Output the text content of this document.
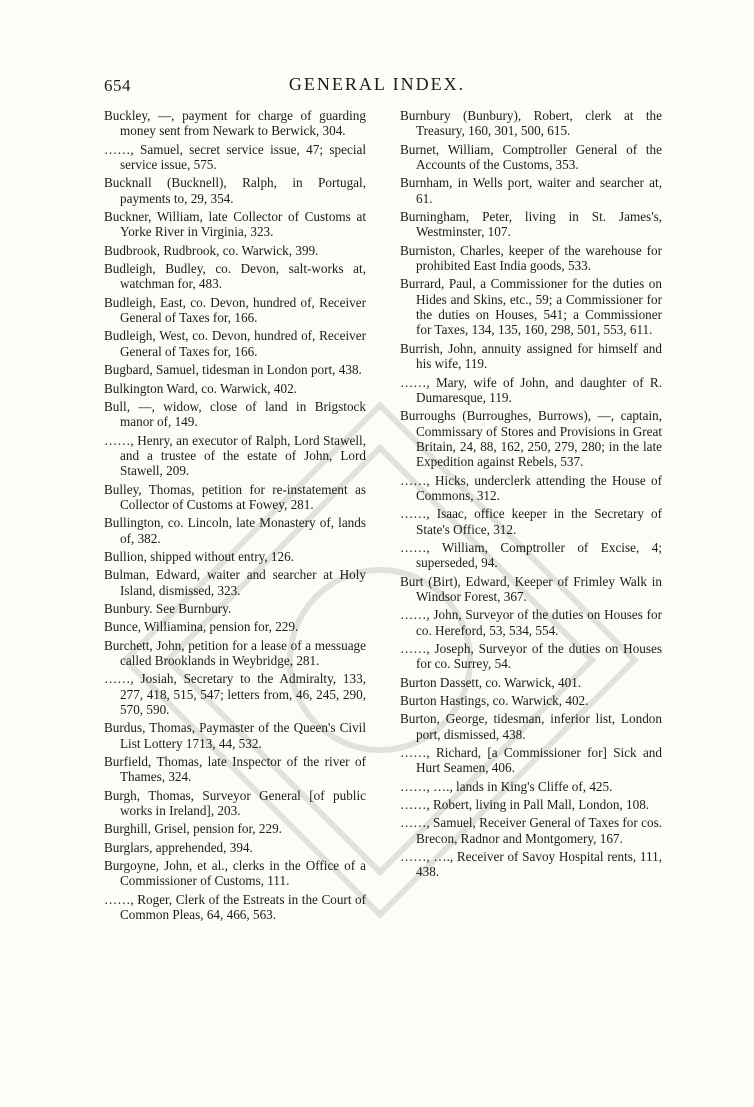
654	GENERAL INDEX.
Buckley, —, payment for charge of guarding money sent from Newark to Berwick, 304.
……, Samuel, secret service issue, 47; special service issue, 575.
Bucknall (Bucknell), Ralph, in Portugal, payments to, 29, 354.
Buckner, William, late Collector of Customs at Yorke River in Virginia, 323.
Budbrook, Rudbrook, co. Warwick, 399.
Budleigh, Budley, co. Devon, salt-works at, watchman for, 483.
Budleigh, East, co. Devon, hundred of, Receiver General of Taxes for, 166.
Budleigh, West, co. Devon, hundred of, Receiver General of Taxes for, 166.
Bugbard, Samuel, tidesman in London port, 438.
Bulkington Ward, co. Warwick, 402.
Bull, —, widow, close of land in Brigstock manor of, 149.
……, Henry, an executor of Ralph, Lord Stawell, and a trustee of the estate of John, Lord Stawell, 209.
Bulley, Thomas, petition for re-instatement as Collector of Customs at Fowey, 281.
Bullington, co. Lincoln, late Monastery of, lands of, 382.
Bullion, shipped without entry, 126.
Bulman, Edward, waiter and searcher at Holy Island, dismissed, 323.
Bunbury. See Burnbury.
Bunce, Williamina, pension for, 229.
Burchett, John, petition for a lease of a messuage called Brooklands in Weybridge, 281.
……, Josiah, Secretary to the Admiralty, 133, 277, 418, 515, 547; letters from, 46, 245, 290, 570, 590.
Burdus, Thomas, Paymaster of the Queen's Civil List Lottery 1713, 44, 532.
Burfield, Thomas, late Inspector of the river of Thames, 324.
Burgh, Thomas, Surveyor General [of public works in Ireland], 203.
Burghill, Grisel, pension for, 229.
Burglars, apprehended, 394.
Burgoyne, John, et al., clerks in the Office of a Commissioner of Customs, 111.
……, Roger, Clerk of the Estreats in the Court of Common Pleas, 64, 466, 563.
Burnbury (Bunbury), Robert, clerk at the Treasury, 160, 301, 500, 615.
Burnet, William, Comptroller General of the Accounts of the Customs, 353.
Burnham, in Wells port, waiter and searcher at, 61.
Burningham, Peter, living in St. James's, Westminster, 107.
Burniston, Charles, keeper of the warehouse for prohibited East India goods, 533.
Burrard, Paul, a Commissioner for the duties on Hides and Skins, etc., 59; a Commissioner for the duties on Houses, 541; a Commissioner for Taxes, 134, 135, 160, 298, 501, 553, 611.
Burrish, John, annuity assigned for himself and his wife, 119.
……, Mary, wife of John, and daughter of R. Dumaresque, 119.
Burroughs (Burroughes, Burrows), —, captain, Commissary of Stores and Provisions in Great Britain, 24, 88, 162, 250, 279, 280; in the late Expedition against Rebels, 537.
……, Hicks, underclerk attending the House of Commons, 312.
……, Isaac, office keeper in the Secretary of State's Office, 312.
……, William, Comptroller of Excise, 4; superseded, 94.
Burt (Birt), Edward, Keeper of Frimley Walk in Windsor Forest, 367.
……, John, Surveyor of the duties on Houses for co. Hereford, 53, 534, 554.
……, Joseph, Surveyor of the duties on Houses for co. Surrey, 54.
Burton Dassett, co. Warwick, 401.
Burton Hastings, co. Warwick, 402.
Burton, George, tidesman, inferior list, London port, dismissed, 438.
……, Richard, [a Commissioner for] Sick and Hurt Seamen, 406.
……, …., lands in King's Cliffe of, 425.
……, Robert, living in Pall Mall, London, 108.
……, Samuel, Receiver General of Taxes for cos. Brecon, Radnor and Montgomery, 167.
……, …., Receiver of Savoy Hospital rents, 111, 438.
